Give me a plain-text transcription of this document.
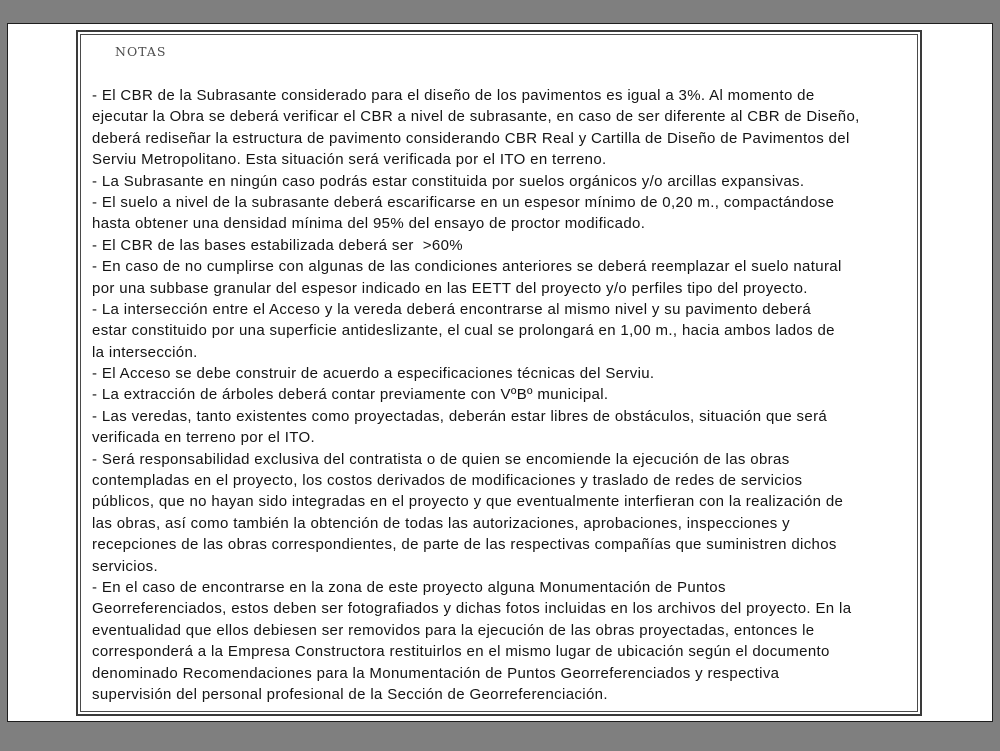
NOTAS
- El CBR de la Subrasante considerado para el diseño de los pavimentos es igual a 3%. Al momento de
ejecutar la Obra se deberá verificar el CBR a nivel de subrasante, en caso de ser diferente al CBR de Diseño,
deberá rediseñar la estructura de pavimento considerando CBR Real y Cartilla de Diseño de Pavimentos del
Serviu Metropolitano. Esta situación será verificada por el ITO en terreno.
- La Subrasante en ningún caso podrás estar constituida por suelos orgánicos y/o arcillas expansivas.
- El suelo a nivel de la subrasante deberá escarificarse en un espesor mínimo de 0,20 m., compactándose
hasta obtener una densidad mínima del 95% del ensayo de proctor modificado.
- El CBR de las bases estabilizada deberá ser  >60%
- En caso de no cumplirse con algunas de las condiciones anteriores se deberá reemplazar el suelo natural
por una subbase granular del espesor indicado en las EETT del proyecto y/o perfiles tipo del proyecto.
- La intersección entre el Acceso y la vereda deberá encontrarse al mismo nivel y su pavimento deberá
estar constituido por una superficie antideslizante, el cual se prolongará en 1,00 m., hacia ambos lados de
la intersección.
- El Acceso se debe construir de acuerdo a especificaciones técnicas del Serviu.
- La extracción de árboles deberá contar previamente con VºBº municipal.
- Las veredas, tanto existentes como proyectadas, deberán estar libres de obstáculos, situación que será
verificada en terreno por el ITO.
- Será responsabilidad exclusiva del contratista o de quien se encomiende la ejecución de las obras
contempladas en el proyecto, los costos derivados de modificaciones y traslado de redes de servicios
públicos, que no hayan sido integradas en el proyecto y que eventualmente interfieran con la realización de
las obras, así como también la obtención de todas las autorizaciones, aprobaciones, inspecciones y
recepciones de las obras correspondientes, de parte de las respectivas compañías que suministren dichos
servicios.
- En el caso de encontrarse en la zona de este proyecto alguna Monumentación de Puntos
Georreferenciados, estos deben ser fotografiados y dichas fotos incluidas en los archivos del proyecto. En la
eventualidad que ellos debiesen ser removidos para la ejecución de las obras proyectadas, entonces le
corresponderá a la Empresa Constructora restituirlos en el mismo lugar de ubicación según el documento
denominado Recomendaciones para la Monumentación de Puntos Georreferenciados y respectiva
supervisión del personal profesional de la Sección de Georreferenciación.
